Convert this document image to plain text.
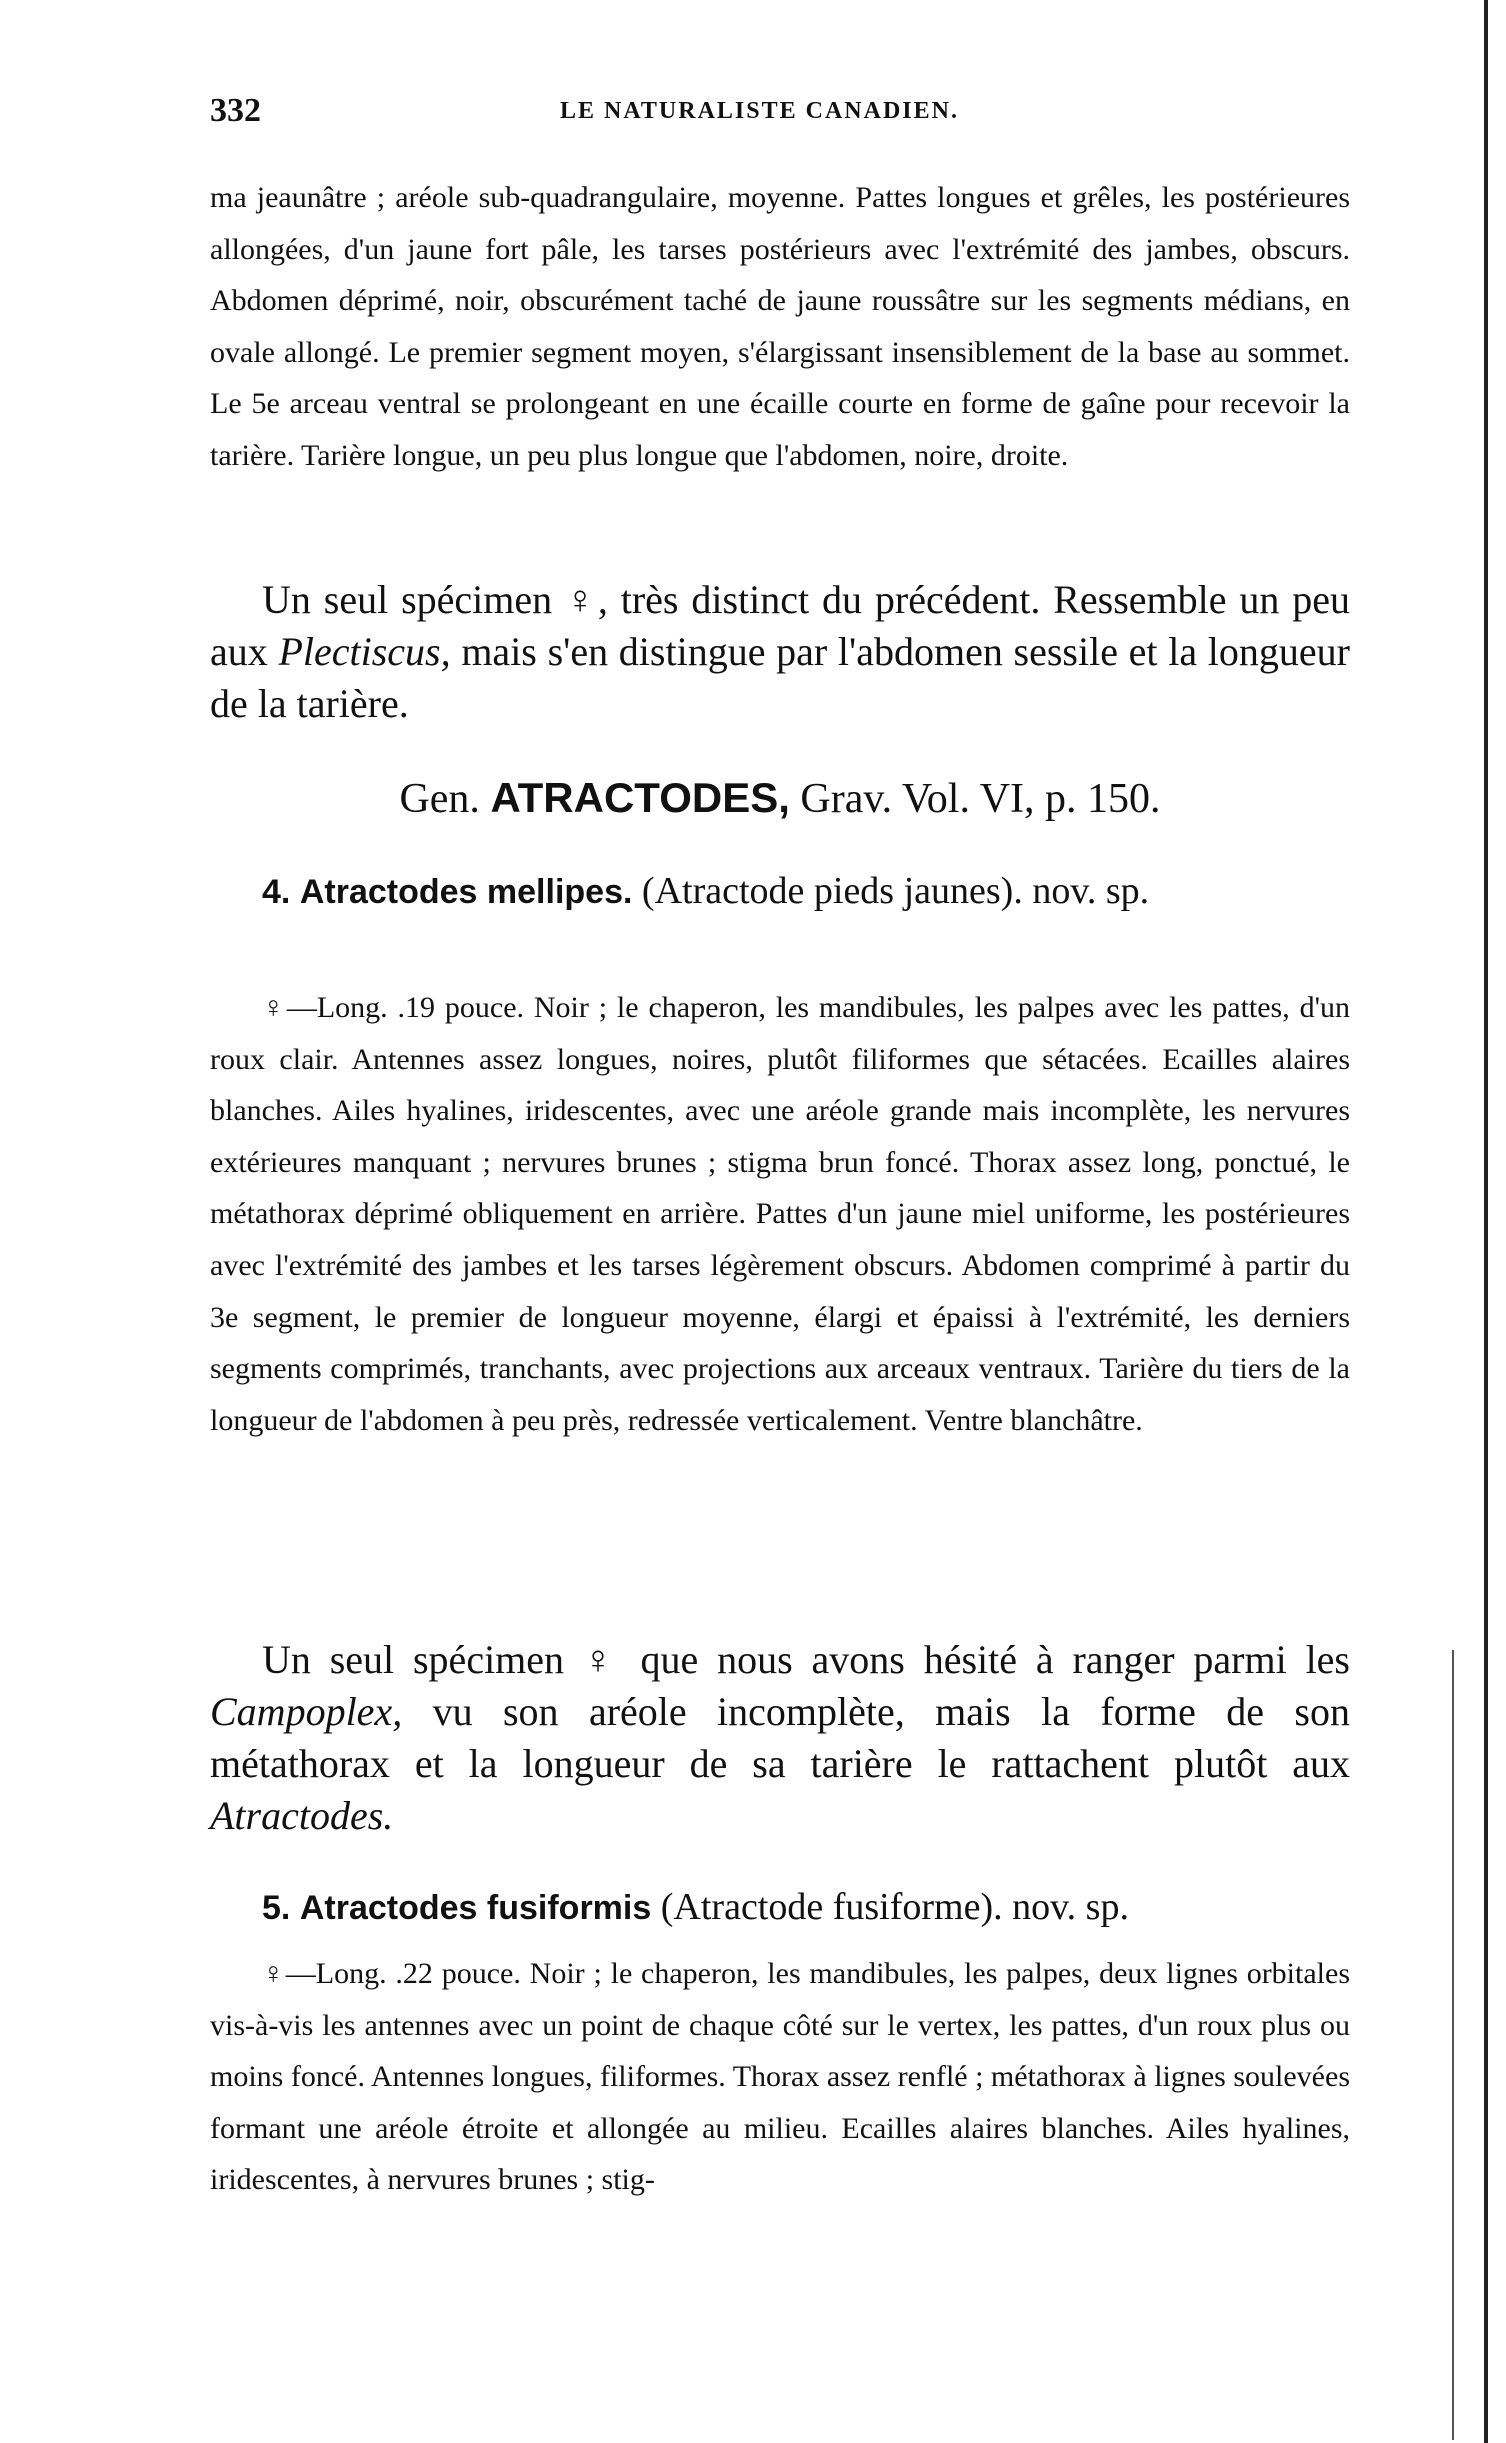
332	LE NATURALISTE CANADIEN.
ma jeaunâtre ; aréole sub-quadrangulaire, moyenne. Pattes longues et grêles, les postérieures allongées, d'un jaune fort pâle, les tarses postérieurs avec l'extrémité des jambes, obscurs. Abdomen déprimé, noir, obscurément taché de jaune roussâtre sur les segments médians, en ovale allongé. Le premier segment moyen, s'élargissant insensiblement de la base au sommet. Le 5e arceau ventral se prolongeant en une écaille courte en forme de gaîne pour recevoir la tarière. Tarière longue, un peu plus longue que l'abdomen, noire, droite.
Un seul spécimen ♀, très distinct du précédent. Ressemble un peu aux Plectiscus, mais s'en distingue par l'abdomen sessile et la longueur de la tarière.
Gen. ATRACTODES, Grav. Vol. VI, p. 150.
4. Atractodes mellipes. (Atractode pieds jaunes). nov. sp.
♀—Long. .19 pouce. Noir ; le chaperon, les mandibules, les palpes avec les pattes, d'un roux clair. Antennes assez longues, noires, plutôt filiformes que sétacées. Ecailles alaires blanches. Ailes hyalines, iridescentes, avec une aréole grande mais incomplète, les nervures extérieures manquant ; nervures brunes ; stigma brun foncé. Thorax assez long, ponctué, le métathorax déprimé obliquement en arrière. Pattes d'un jaune miel uniforme, les postérieures avec l'extrémité des jambes et les tarses légèrement obscurs. Abdomen comprimé à partir du 3e segment, le premier de longueur moyenne, élargi et épaissi à l'extrémité, les derniers segments comprimés, tranchants, avec projections aux arceaux ventraux. Tarière du tiers de la longueur de l'abdomen à peu près, redressée verticalement. Ventre blanchâtre.
Un seul spécimen ♀ que nous avons hésité à ranger parmi les Campoplex, vu son aréole incomplète, mais la forme de son métathorax et la longueur de sa tarière le rattachent plutôt aux Atractodes.
5. Atractodes fusiformis (Atractode fusiforme). nov. sp.
♀—Long. .22 pouce. Noir ; le chaperon, les mandibules, les palpes, deux lignes orbitales vis-à-vis les antennes avec un point de chaque côté sur le vertex, les pattes, d'un roux plus ou moins foncé. Antennes longues, filiformes. Thorax assez renflé ; métathorax à lignes soulevées formant une aréole étroite et allongée au milieu. Ecailles alaires blanches. Ailes hyalines, iridescentes, à nervures brunes ; stig-
